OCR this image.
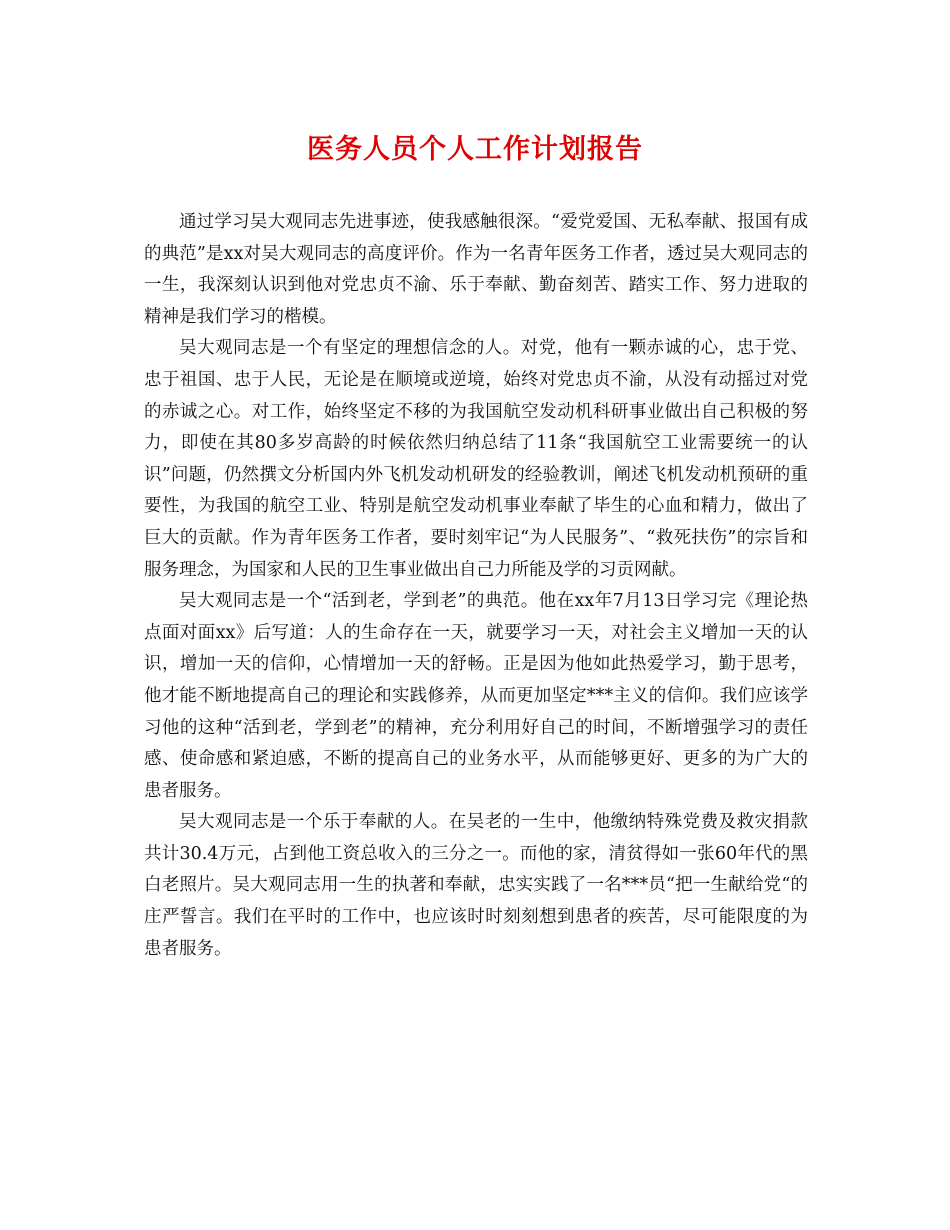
医务人员个人工作计划报告

通过学习吴大观同志先进事迹，使我感触很深。“爱党爱国、无私奉献、报国有成的典范”是xx对吴大观同志的高度评价。作为一名青年医务工作者，透过吴大观同志的一生，我深刻认识到他对党忠贞不渝、乐于奉献、勤奋刻苦、踏实工作、努力进取的精神是我们学习的楷模。

吴大观同志是一个有坚定的理想信念的人。对党，他有一颗赤诚的心，忠于党、忠于祖国、忠于人民，无论是在顺境或逆境，始终对党忠贞不渝，从没有动摇过对党的赤诚之心。对工作，始终坚定不移的为我国航空发动机科研事业做出自己积极的努力，即使在其80多岁高龄的时候依然归纳总结了11条“我国航空工业需要统一的认识”问题，仍然撰文分析国内外飞机发动机研发的经验教训，阐述飞机发动机预研的重要性，为我国的航空工业、特别是航空发动机事业奉献了毕生的心血和精力，做出了巨大的贡献。作为青年医务工作者，要时刻牢记“为人民服务”、“救死扶伤”的宗旨和服务理念，为国家和人民的卫生事业做出自己力所能及学的习贡网献。

吴大观同志是一个“活到老，学到老”的典范。他在xx年7月13日学习完《理论热点面对面xx》后写道：人的生命存在一天，就要学习一天，对社会主义增加一天的认识，增加一天的信仰，心情增加一天的舒畅。正是因为他如此热爱学习，勤于思考，他才能不断地提高自己的理论和实践修养，从而更加坚定***主义的信仰。我们应该学习他的这种“活到老，学到老”的精神，充分利用好自己的时间，不断增强学习的责任感、使命感和紧迫感，不断的提高自己的业务水平，从而能够更好、更多的为广大的患者服务。

吴大观同志是一个乐于奉献的人。在吴老的一生中，他缴纳特殊党费及救灾捐款共计30.4万元，占到他工资总收入的三分之一。而他的家，清贫得如一张60年代的黑白老照片。吴大观同志用一生的执著和奉献，忠实实践了一名***员“把一生献给党“的庄严誓言。我们在平时的工作中，也应该时时刻刻想到患者的疾苦，尽可能限度的为患者服务。
